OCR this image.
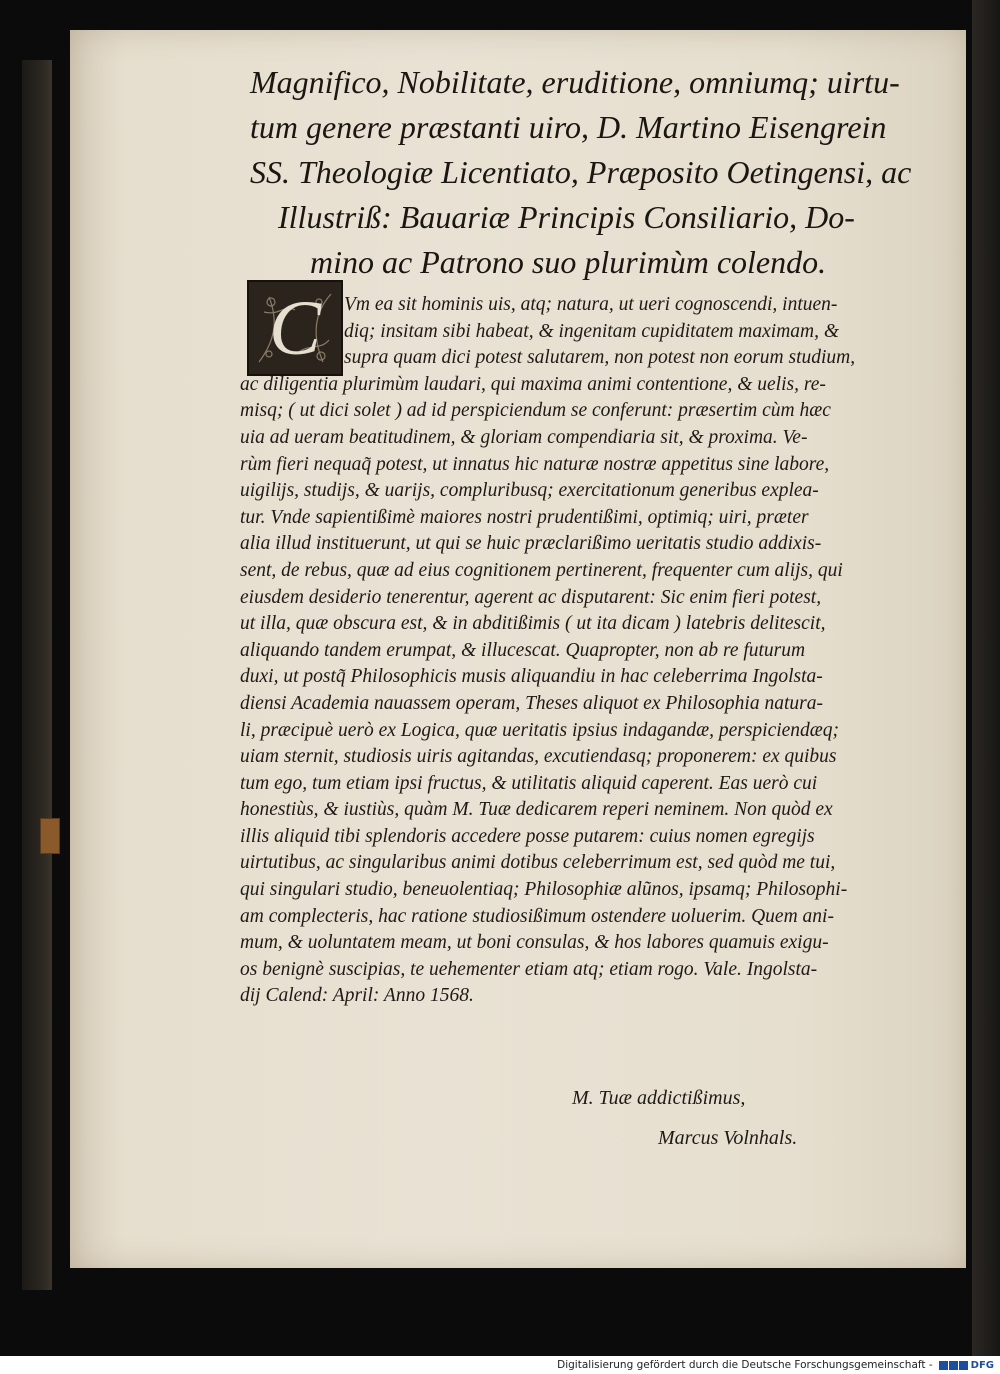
Magnifico, Nobilitate, eruditione, omniumq; uirtu-
tum genere præstanti uiro, D. Martino Eisengrein
SS. Theologiæ Licentiato, Præposito Oetingensi, ac
Illustriß: Bauariæ Principis Consiliario, Do-
mino ac Patrono suo plurimùm colendo.
C	Vm ea sit hominis uis, atq; natura, ut ueri cognoscendi, intuen-
diq; insitam sibi habeat, & ingenitam cupiditatem maximam, &
supra quam dici potest salutarem, non potest non eorum studium,
ac diligentia plurimùm laudari, qui maxima animi contentione, & uelis, re-
misq; ( ut dici solet ) ad id perspiciendum se conferunt: præsertim cùm hæc
uia ad ueram beatitudinem, & gloriam compendiaria sit, & proxima. Ve-
rùm fieri nequaq̃ potest, ut innatus hic naturæ nostræ appetitus sine labore,
uigilijs, studijs, & uarijs, compluribusq; exercitationum generibus explea-
tur. Vnde sapientißimè maiores nostri prudentißimi, optimiq; uiri, præter
alia illud instituerunt, ut qui se huic præclarißimo ueritatis studio addixis-
sent, de rebus, quæ ad eius cognitionem pertinerent, frequenter cum alijs, qui
eiusdem desiderio tenerentur, agerent ac disputarent: Sic enim fieri potest,
ut illa, quæ obscura est, & in abditißimis ( ut ita dicam ) latebris delitescit,
aliquando tandem erumpat, & illucescat. Quapropter, non ab re futurum
duxi, ut postq̃ Philosophicis musis aliquandiu in hac celeberrima Ingolsta-
diensi Academia nauassem operam, Theses aliquot ex Philosophia natura-
li, præcipuè uerò ex Logica, quæ ueritatis ipsius indagandæ, perspiciendæq;
uiam sternit, studiosis uiris agitandas, excutiendasq; proponerem: ex quibus
tum ego, tum etiam ipsi fructus, & utilitatis aliquid caperent. Eas uerò cui
honestiùs, & iustiùs, quàm M. Tuæ dedicarem reperi neminem. Non quòd ex
illis aliquid tibi splendoris accedere posse putarem: cuius nomen egregijs
uirtutibus, ac singularibus animi dotibus celeberrimum est, sed quòd me tui,
qui singulari studio, beneuolentiaq; Philosophiæ alũnos, ipsamq; Philosophi-
am complecteris, hac ratione studiosißimum ostendere uoluerim. Quem ani-
mum, & uoluntatem meam, ut boni consulas, & hos labores quamuis exigu-
os benignè suscipias, te uehementer etiam atq; etiam rogo. Vale. Ingolsta-
dij Calend: April: Anno 1568.
M. Tuæ addictißimus,
Marcus Volnhals.
Digitalisierung gefördert durch die Deutsche Forschungsgemeinschaft -	DFG
